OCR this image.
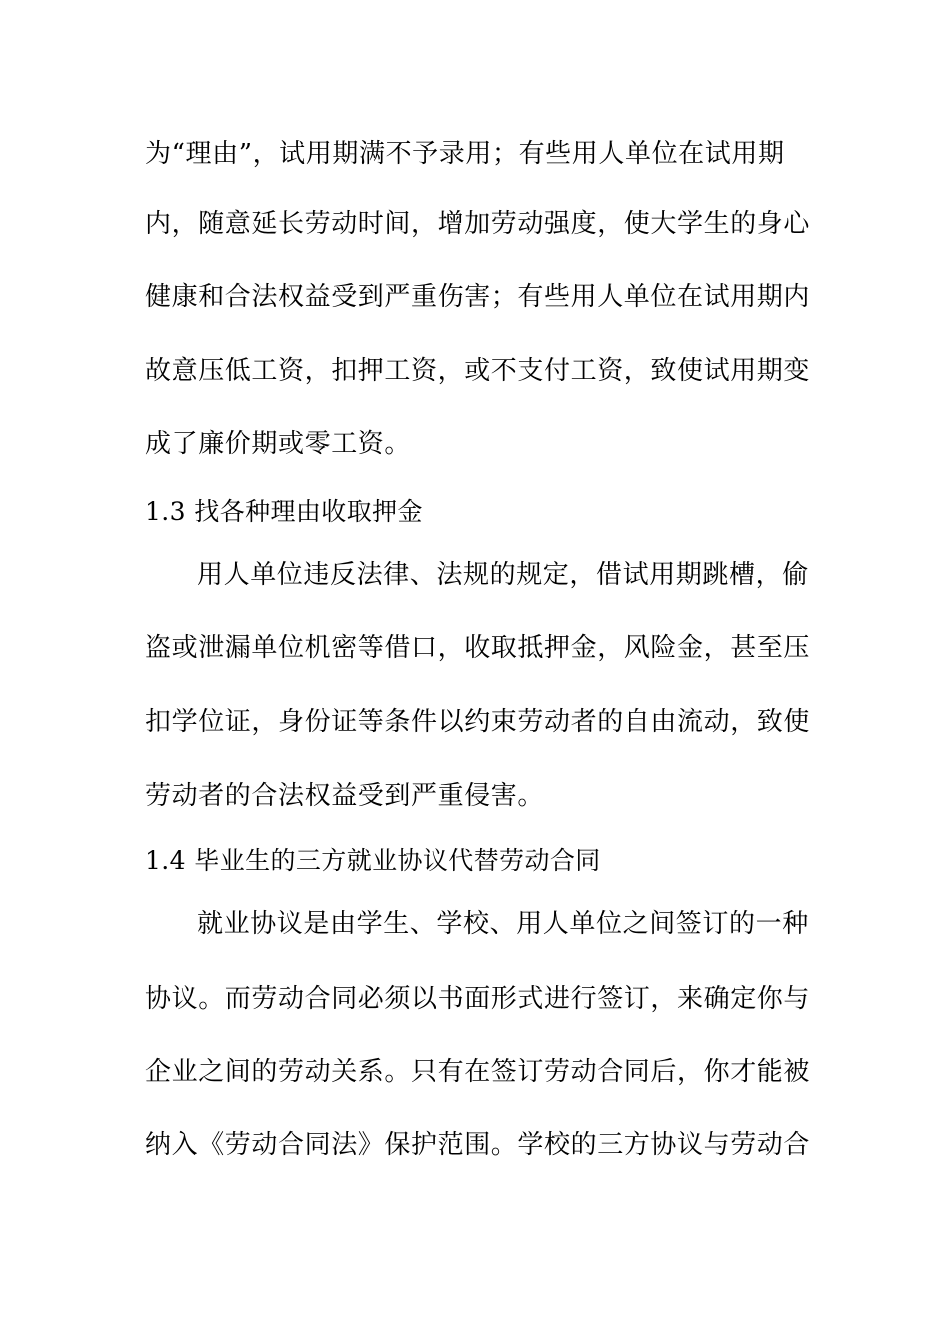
为“理由”，试用期满不予录用；有些用人单位在试用期
内，随意延长劳动时间，增加劳动强度，使大学生的身心
健康和合法权益受到严重伤害；有些用人单位在试用期内
故意压低工资，扣押工资，或不支付工资，致使试用期变
成了廉价期或零工资。
1.3 找各种理由收取押金
用人单位违反法律、法规的规定，借试用期跳槽，偷
盗或泄漏单位机密等借口，收取抵押金，风险金，甚至压
扣学位证，身份证等条件以约束劳动者的自由流动，致使
劳动者的合法权益受到严重侵害。
1.4 毕业生的三方就业协议代替劳动合同
就业协议是由学生、学校、用人单位之间签订的一种
协议。而劳动合同必须以书面形式进行签订，来确定你与
企业之间的劳动关系。只有在签订劳动合同后，你才能被
纳入《劳动合同法》保护范围。学校的三方协议与劳动合
